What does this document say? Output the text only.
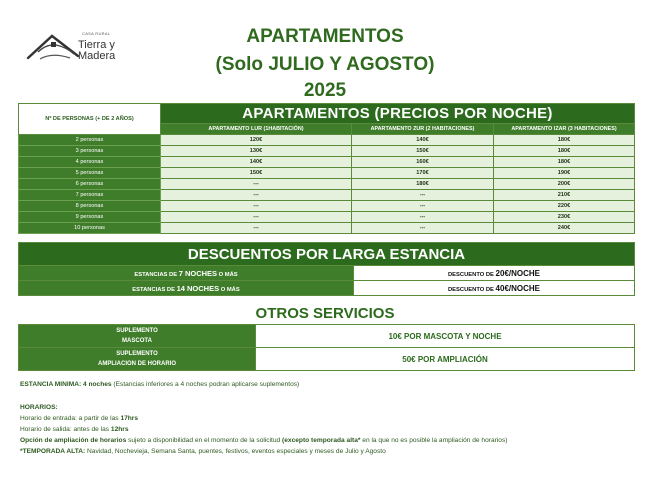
CASA RURAL
Tierra y
Madera
APARTAMENTOS
(Solo JULIO Y AGOSTO)
2025
Nº DE PERSONAS (+ DE 2 AÑOS)	APARTAMENTOS (PRECIOS POR NOCHE)		
	APARTAMENTO LUR (1HABITACIÓN)	APARTAMENTO ZUR (2 HABITACIONES)	APARTAMENTO IZAR (3 HABITACIONES)
2 personas	120€	140€	180€
3 personas	130€	150€	180€
4 personas	140€	160€	180€
5 personas	150€	170€	190€
6 personas	---	180€	200€
7 personas	---	---	210€
8 personas	---	---	220€
9 personas	---	---	230€
10 personas	---	---	240€
DESCUENTOS POR LARGA ESTANCIA	
ESTANCIAS DE 7 NOCHES O MÁS	DESCUENTO DE 20€/NOCHE
ESTANCIAS DE 14 NOCHES O MÁS	DESCUENTO DE 40€/NOCHE
OTROS SERVICIOS
SUPLEMENTO
MASCOTA	10€ POR MASCOTA Y NOCHE

SUPLEMENTO
AMPLIACION DE HORARIO	50€ POR AMPLIACIÓN
ESTANCIA MINIMA: 4 noches (Estancias inferiores a 4 noches podran aplicarse suplementos)
HORARIOS:
Horario de entrada: a partir de las 17hrs
Horario de salida: antes de las 12hrs
Opción de ampliación de horarios sujeto a disponibilidad en el momento de la solicitud (excepto temporada alta* en la que no es posible la ampliación de horarios)
*TEMPORADA ALTA: Navidad, Nochevieja, Semana Santa, puentes, festivos, eventos especiales y meses de Julio y Agosto
